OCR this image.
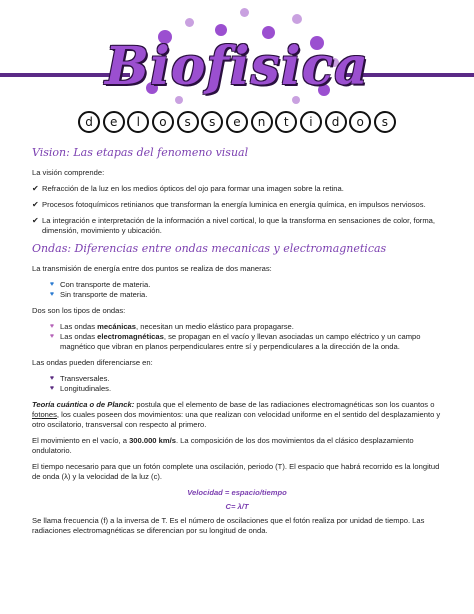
Biofisica
d	e	l	o	s	s	e	n	t	i	d	o	s
Vision: Las etapas del fenomeno visual

La visión comprende:

✔ Refracción de la luz en los medios ópticos del ojo para formar una imagen sobre la retina.
✔ Procesos fotoquímicos retinianos que transforman la energía luminica en energía química, en impulsos nerviosos.
✔ La integración e interpretación de la información a nivel cortical, lo que la transforma en sensaciones de color, forma, dimensión, movimiento y ubicación.
Ondas: Diferencias entre ondas mecanicas y electromagneticas

La transmisión de energía entre dos puntos se realiza de dos maneras:

♥ Con transporte de materia.
♥ Sin transporte de materia.

Dos son los tipos de ondas:

♥ Las ondas mecánicas, necesitan un medio elástico para propagarse.
♥ Las ondas electromagnéticas, se propagan en el vacío y llevan asociadas un campo eléctrico y un campo magnético que vibran en planos perpendiculares entre sí y perpendiculares a la dirección de la onda.

Las ondas pueden diferenciarse en:

♥ Transversales.
♥ Longitudinales.

Teoría cuántica o de Planck: postula que el elemento de base de las radiaciones electromagnéticas son los cuantos o fotones, los cuales poseen dos movimientos: una que realizan con velocidad uniforme en el sentido del desplazamiento y otro oscilatorio, transversal con respecto al primero.

El movimiento en el vacío, a 300.000 km/s. La composición de los dos movimientos da el clásico desplazamiento ondulatorio.

El tiempo necesario para que un fotón complete una oscilación, periodo (T). El espacio que habrá recorrido es la longitud de onda (λ) y la velocidad de la luz (c).

Velocidad = espacio/tiempo
C= λ/T

Se llama frecuencia (f) a la inversa de T. Es el número de oscilaciones que el fotón realiza por unidad de tiempo. Las radiaciones electromagnéticas se diferencian por su longitud de onda.
